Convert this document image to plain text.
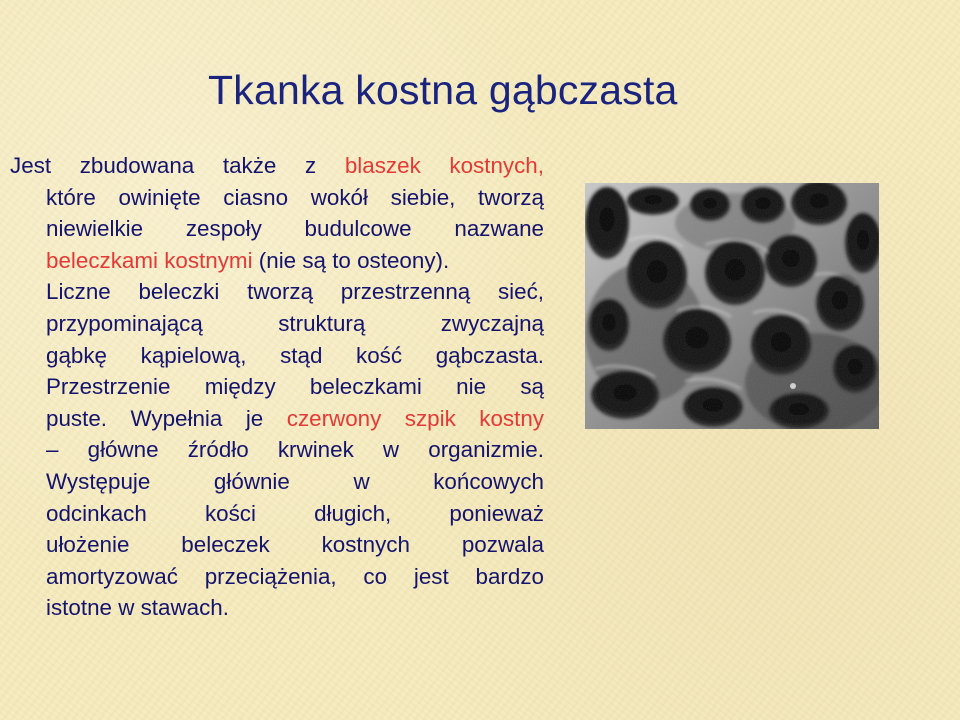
Tkanka kostna gąbczasta
Jest zbudowana także z blaszek kostnych,
które owinięte ciasno wokół siebie, tworzą
niewielkie zespoły budulcowe nazwane
beleczkami kostnymi (nie są to osteony).
Liczne beleczki tworzą przestrzenną sieć,
przypominającą strukturą zwyczajną
gąbkę kąpielową, stąd kość gąbczasta.
Przestrzenie między beleczkami nie są
puste. Wypełnia je czerwony szpik kostny
– główne źródło krwinek w organizmie.
Występuje głównie w końcowych
odcinkach kości długich, ponieważ
ułożenie beleczek kostnych pozwala
amortyzować przeciążenia, co jest bardzo
istotne w stawach.
